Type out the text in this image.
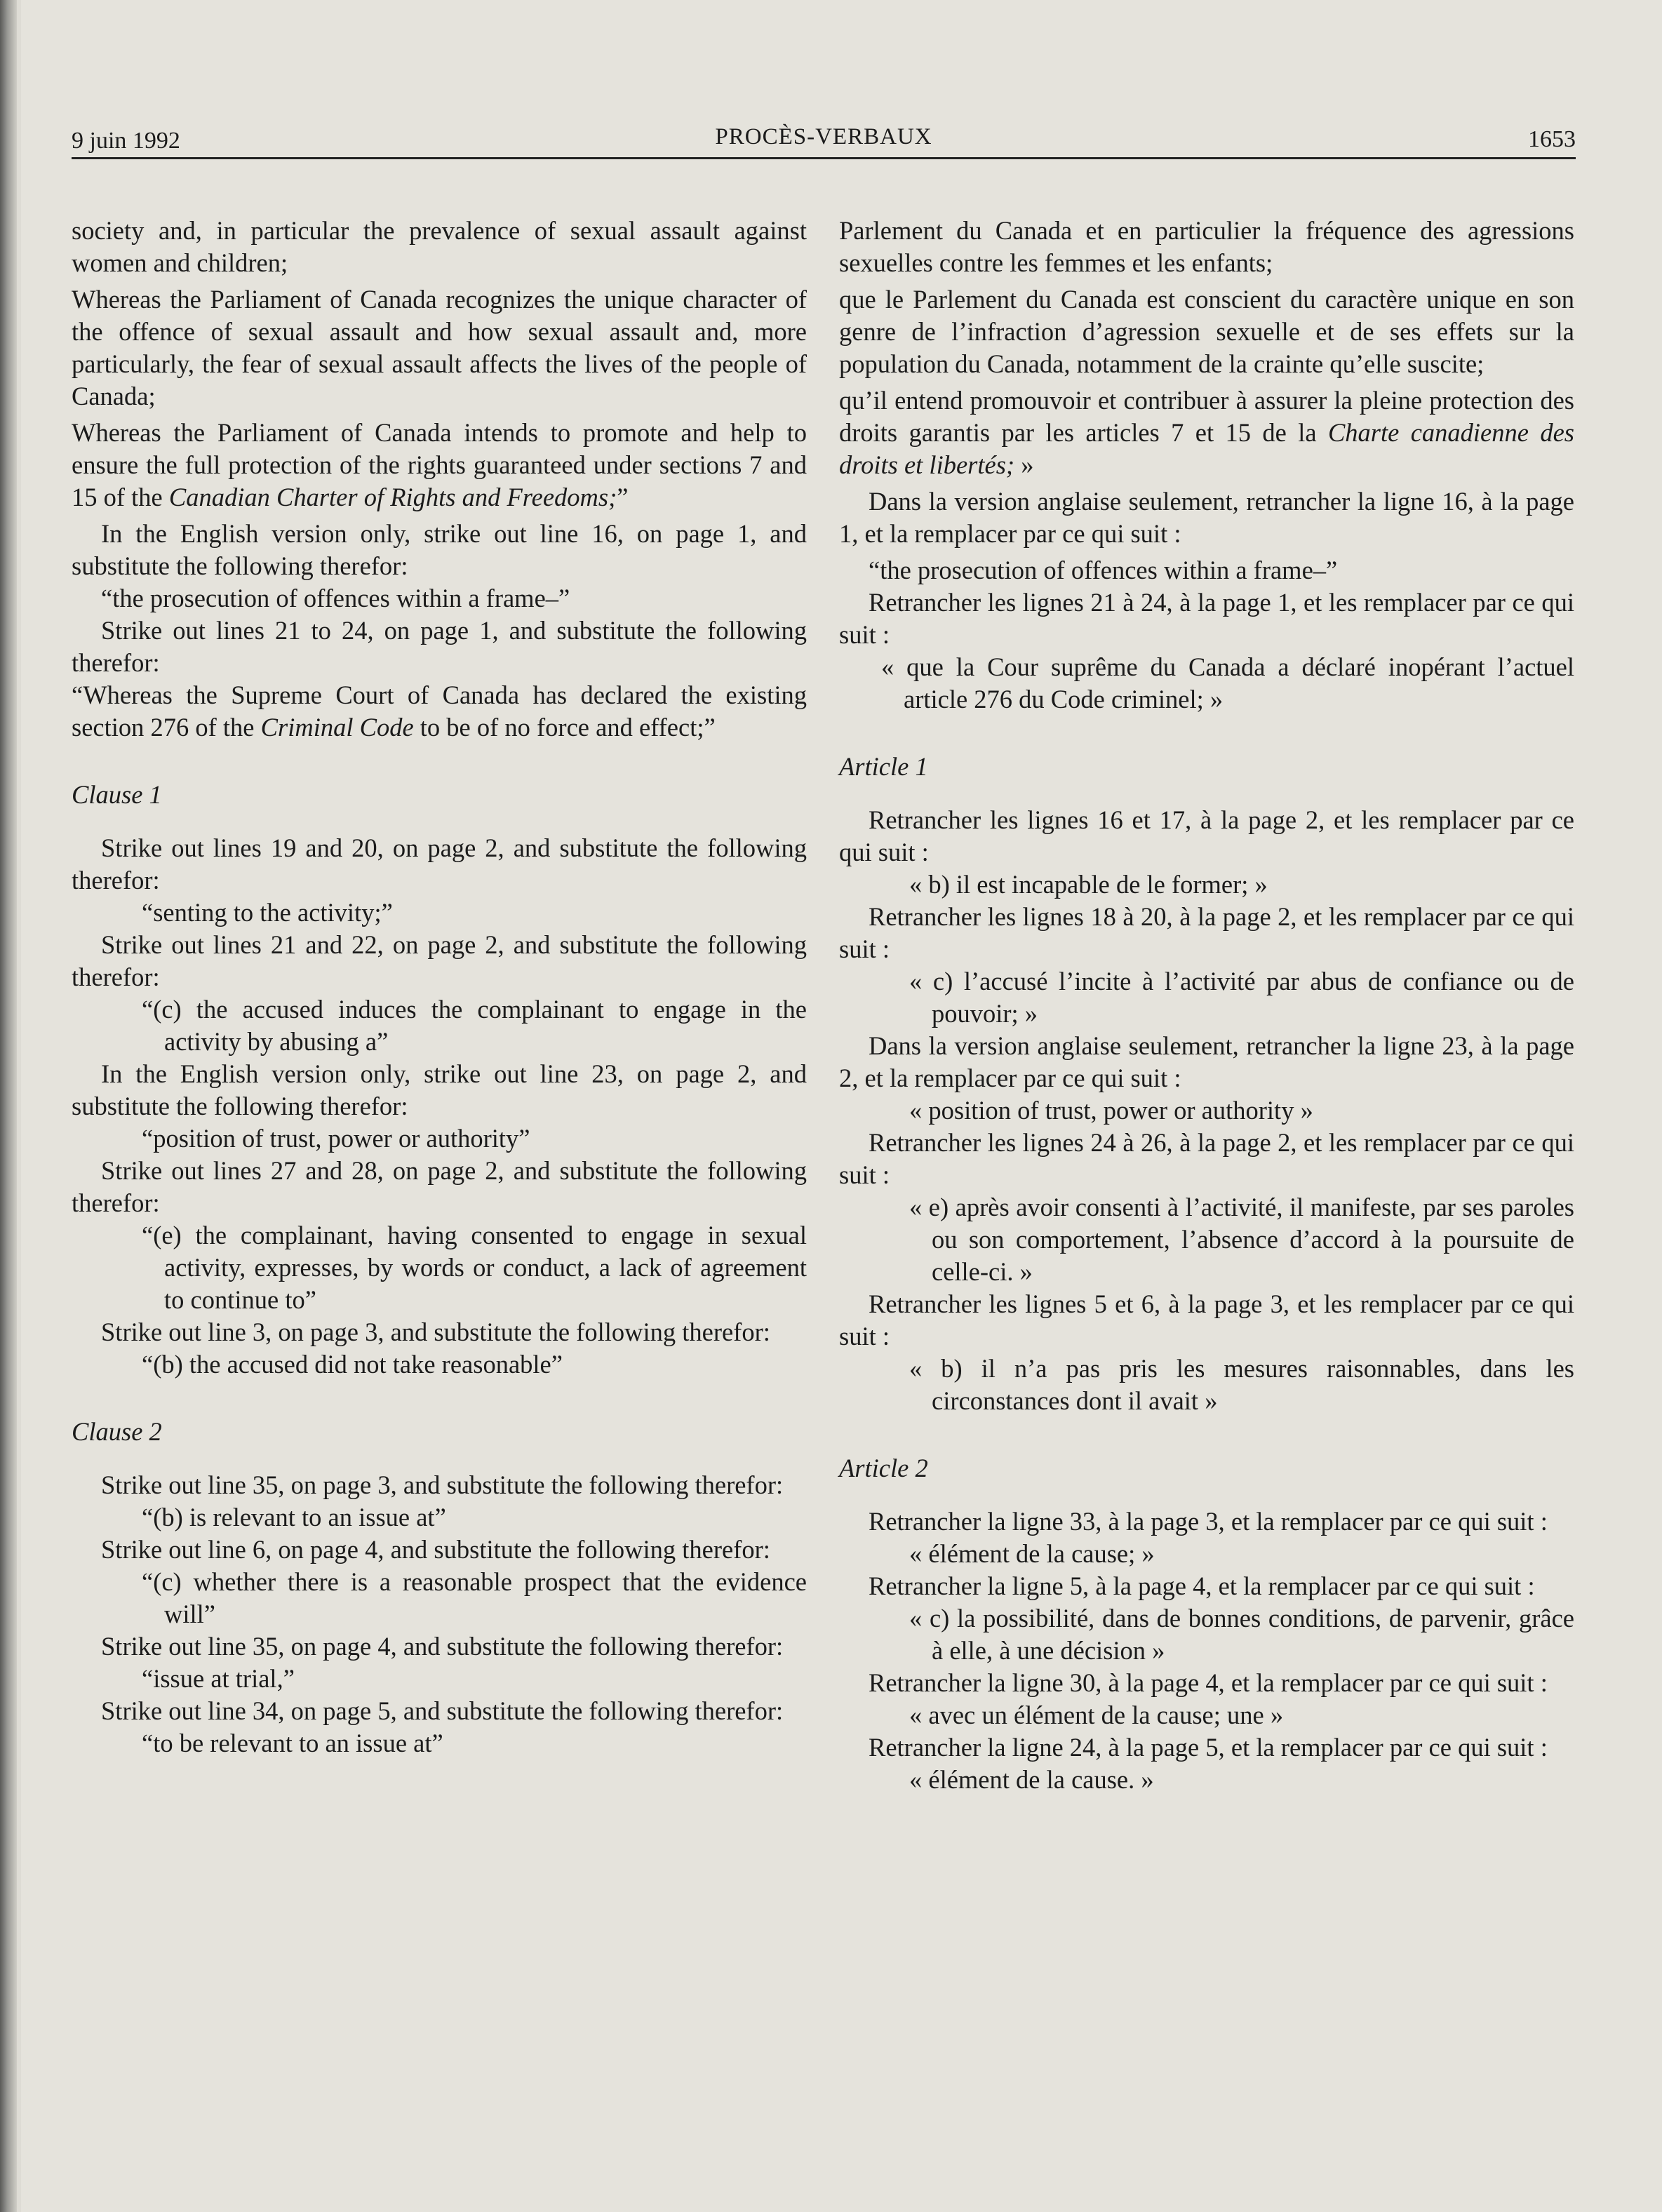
9 juin 1992	PROCÈS-VERBAUX	1653

society and, in particular the prevalence of sexual assault against women and children;

Whereas the Parliament of Canada recognizes the unique character of the offence of sexual assault and how sexual assault and, more particularly, the fear of sexual assault affects the lives of the people of Canada;

Whereas the Parliament of Canada intends to promote and help to ensure the full protection of the rights guaranteed under sections 7 and 15 of the Canadian Charter of Rights and Freedoms;”

In the English version only, strike out line 16, on page 1, and substitute the following therefor:

“the prosecution of offences within a frame–”

Strike out lines 21 to 24, on page 1, and substitute the following therefor:

“Whereas the Supreme Court of Canada has declared the existing section 276 of the Criminal Code to be of no force and effect;”

Clause 1

Strike out lines 19 and 20, on page 2, and substitute the following therefor:

“senting to the activity;”

Strike out lines 21 and 22, on page 2, and substitute the following therefor:

“(c) the accused induces the complainant to engage in the activity by abusing a”

In the English version only, strike out line 23, on page 2, and substitute the following therefor:

“position of trust, power or authority”

Strike out lines 27 and 28, on page 2, and substitute the following therefor:

“(e) the complainant, having consented to engage in sexual activity, expresses, by words or conduct, a lack of agreement to continue to”

Strike out line 3, on page 3, and substitute the following therefor:

“(b) the accused did not take reasonable”

Clause 2

Strike out line 35, on page 3, and substitute the following therefor:

“(b) is relevant to an issue at”

Strike out line 6, on page 4, and substitute the following therefor:

“(c) whether there is a reasonable prospect that the evidence will”

Strike out line 35, on page 4, and substitute the following therefor:

“issue at trial,”

Strike out line 34, on page 5, and substitute the following therefor:

“to be relevant to an issue at”

Parlement du Canada et en particulier la fréquence des agressions sexuelles contre les femmes et les enfants;

que le Parlement du Canada est conscient du caractère unique en son genre de l’infraction d’agression sexuelle et de ses effets sur la population du Canada, notamment de la crainte qu’elle suscite;

qu’il entend promouvoir et contribuer à assurer la pleine protection des droits garantis par les articles 7 et 15 de la Charte canadienne des droits et libertés; »

Dans la version anglaise seulement, retrancher la ligne 16, à la page 1, et la remplacer par ce qui suit :

“the prosecution of offences within a frame–”

Retrancher les lignes 21 à 24, à la page 1, et les remplacer par ce qui suit :

« que la Cour suprême du Canada a déclaré inopérant l’actuel article 276 du Code criminel; »

Article 1

Retrancher les lignes 16 et 17, à la page 2, et les remplacer par ce qui suit :

« b) il est incapable de le former; »

Retrancher les lignes 18 à 20, à la page 2, et les remplacer par ce qui suit :

« c) l’accusé l’incite à l’activité par abus de confiance ou de pouvoir; »

Dans la version anglaise seulement, retrancher la ligne 23, à la page 2, et la remplacer par ce qui suit :

« position of trust, power or authority »

Retrancher les lignes 24 à 26, à la page 2, et les remplacer par ce qui suit :

« e) après avoir consenti à l’activité, il manifeste, par ses paroles ou son comportement, l’absence d’accord à la poursuite de celle-ci. »

Retrancher les lignes 5 et 6, à la page 3, et les remplacer par ce qui suit :

« b) il n’a pas pris les mesures raisonnables, dans les circonstances dont il avait »

Article 2

Retrancher la ligne 33, à la page 3, et la remplacer par ce qui suit :

« élément de la cause; »

Retrancher la ligne 5, à la page 4, et la remplacer par ce qui suit :

« c) la possibilité, dans de bonnes conditions, de parvenir, grâce à elle, à une décision »

Retrancher la ligne 30, à la page 4, et la remplacer par ce qui suit :

« avec un élément de la cause; une »

Retrancher la ligne 24, à la page 5, et la remplacer par ce qui suit :

« élément de la cause. »
